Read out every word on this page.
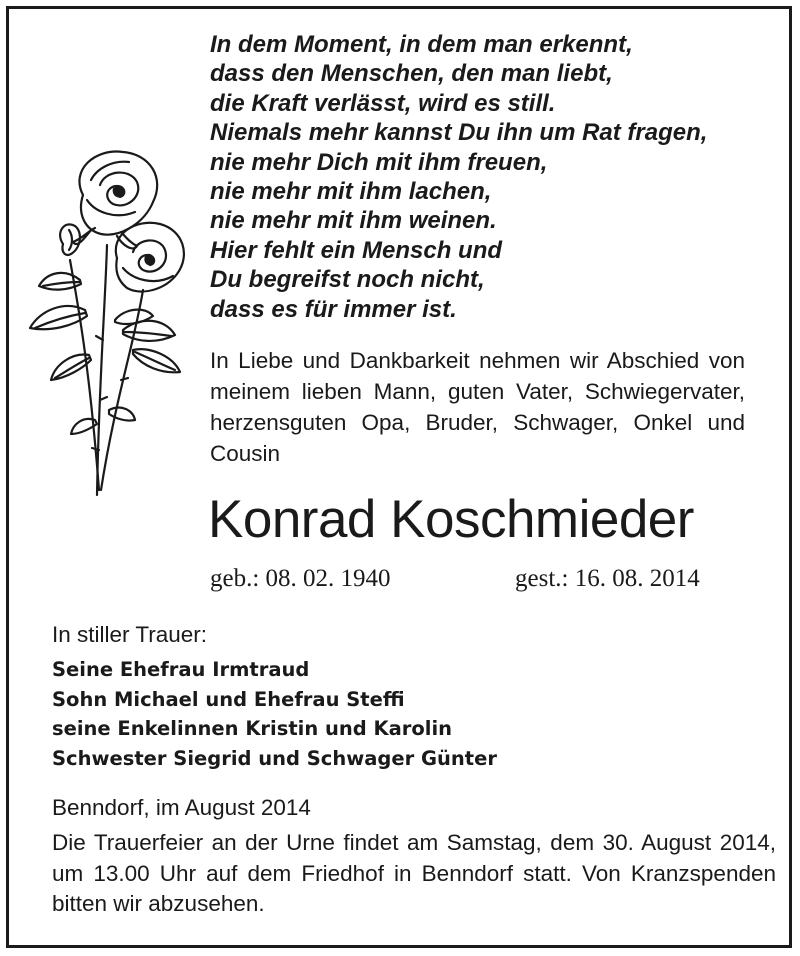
In dem Moment, in dem man erkennt,
dass den Menschen, den man liebt,
die Kraft verlässt, wird es still.
Niemals mehr kannst Du ihn um Rat fragen,
nie mehr Dich mit ihm freuen,
nie mehr mit ihm lachen,
nie mehr mit ihm weinen.
Hier fehlt ein Mensch und
Du begreifst noch nicht,
dass es für immer ist.

In Liebe und Dankbarkeit nehmen wir Abschied von meinem lieben Mann, guten Vater, Schwiegervater, herzensguten Opa, Bruder, Schwager, Onkel und Cousin

Konrad Koschmieder
geb.: 08. 02. 1940	gest.: 16. 08. 2014

In stiller Trauer:

Seine Ehefrau Irmtraud
Sohn Michael und Ehefrau Steffi
seine Enkelinnen Kristin und Karolin
Schwester Siegrid und Schwager Günter

Benndorf, im August 2014

Die Trauerfeier an der Urne findet am Samstag, dem 30. August 2014, um 13.00 Uhr auf dem Friedhof in Benndorf statt. Von Kranzspenden bitten wir abzusehen.
